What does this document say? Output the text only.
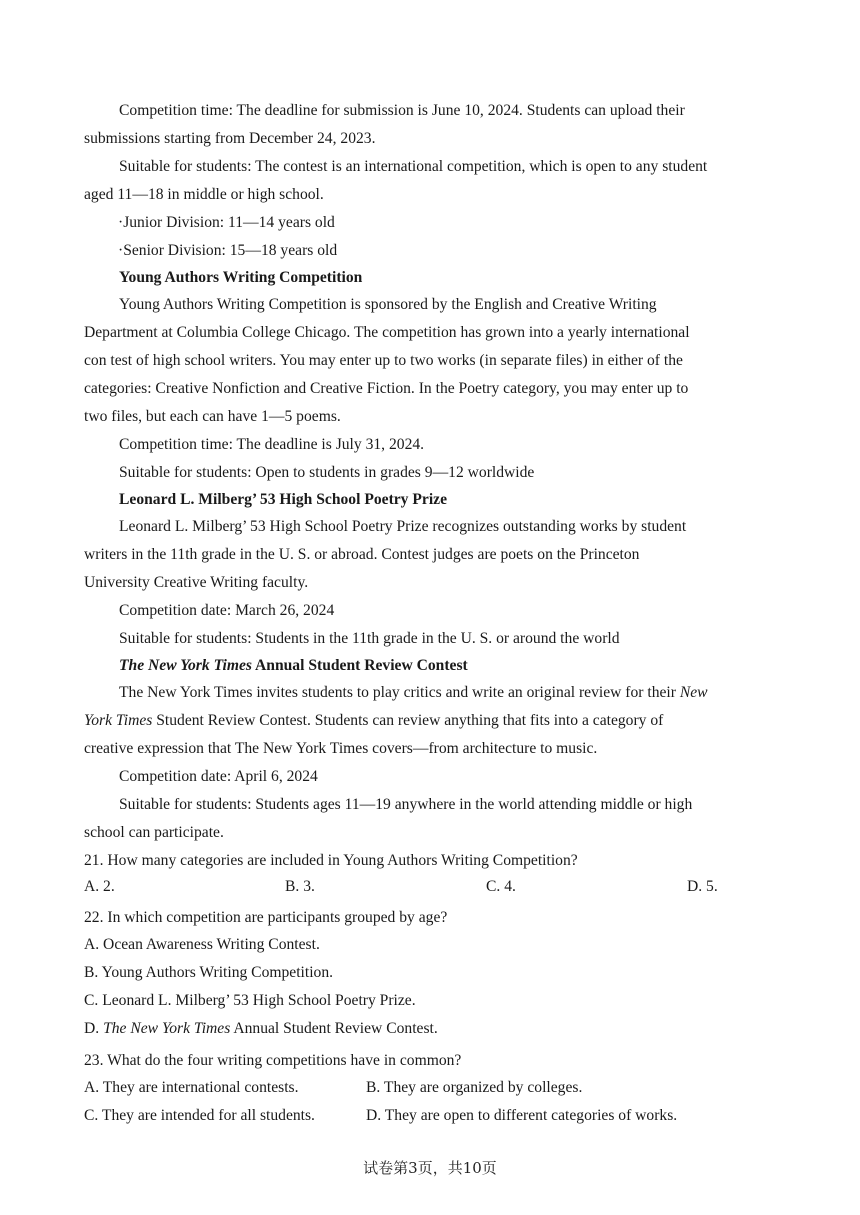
Competition time: The deadline for submission is June 10, 2024. Students can upload their

submissions starting from December 24, 2023.

Suitable for students: The contest is an international competition, which is open to any student

aged 11—18 in middle or high school.

·Junior Division: 11—14 years old

·Senior Division: 15—18 years old

Young Authors Writing Competition

Young Authors Writing Competition is sponsored by the English and Creative Writing

Department at Columbia College Chicago. The competition has grown into a yearly international

con test of high school writers. You may enter up to two works (in separate files) in either of the

categories: Creative Nonfiction and Creative Fiction. In the Poetry category, you may enter up to

two files, but each can have 1—5 poems.

Competition time: The deadline is July 31, 2024.

Suitable for students: Open to students in grades 9—12 worldwide

Leonard L. Milberg’ 53 High School Poetry Prize

Leonard L. Milberg’ 53 High School Poetry Prize recognizes outstanding works by student

writers in the 11th grade in the U. S. or abroad. Contest judges are poets on the Princeton

University Creative Writing faculty.

Competition date: March 26, 2024

Suitable for students: Students in the 11th grade in the U. S. or around the world

The New York Times Annual Student Review Contest

The New York Times invites students to play critics and write an original review for their New

York Times Student Review Contest. Students can review anything that fits into a category of

creative expression that The New York Times covers—from architecture to music.

Competition date: April 6, 2024

Suitable for students: Students ages 11—19 anywhere in the world attending middle or high

school can participate.

21. How many categories are included in Young Authors Writing Competition?

A. 2.	B. 3.	C. 4.	D. 5.

22. In which competition are participants grouped by age?

A. Ocean Awareness Writing Contest.

B. Young Authors Writing Competition.

C. Leonard L. Milberg’ 53 High School Poetry Prize.

D. The New York Times Annual Student Review Contest.

23. What do the four writing competitions have in common?

A. They are international contests.	B. They are organized by colleges.
C. They are intended for all students.	D. They are open to different categories of works.
试卷第3页，共10页
